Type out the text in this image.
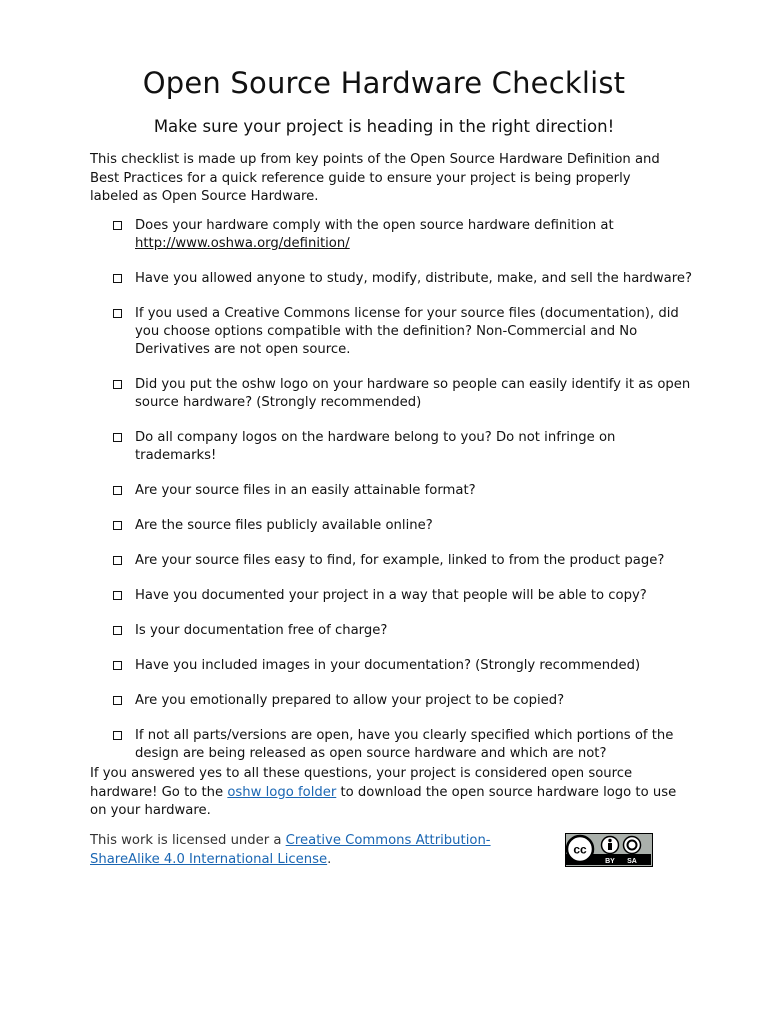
Open Source Hardware Checklist

Make sure your project is heading in the right direction!

This checklist is made up from key points of the Open Source Hardware Definition and Best Practices for a quick reference guide to ensure your project is being properly labeled as Open Source Hardware.

Does your hardware comply with the open source hardware definition at
http://www.oshwa.org/definition/
Have you allowed anyone to study, modify, distribute, make, and sell the hardware?
If you used a Creative Commons license for your source files (documentation), did you choose options compatible with the definition? Non-Commercial and No Derivatives are not open source.
Did you put the oshw logo on your hardware so people can easily identify it as open source hardware? (Strongly recommended)
Do all company logos on the hardware belong to you? Do not infringe on trademarks!
Are your source files in an easily attainable format?
Are the source files publicly available online?
Are your source files easy to find, for example, linked to from the product page?
Have you documented your project in a way that people will be able to copy?
Is your documentation free of charge?
Have you included images in your documentation? (Strongly recommended)
Are you emotionally prepared to allow your project to be copied?
If not all parts/versions are open, have you clearly specified which portions of the design are being released as open source hardware and which are not?

If you answered yes to all these questions, your project is considered open source hardware! Go to the oshw logo folder to download the open source hardware logo to use on your hardware.

This work is licensed under a Creative Commons Attribution-ShareAlike 4.0 International License.

cc
BY SA
